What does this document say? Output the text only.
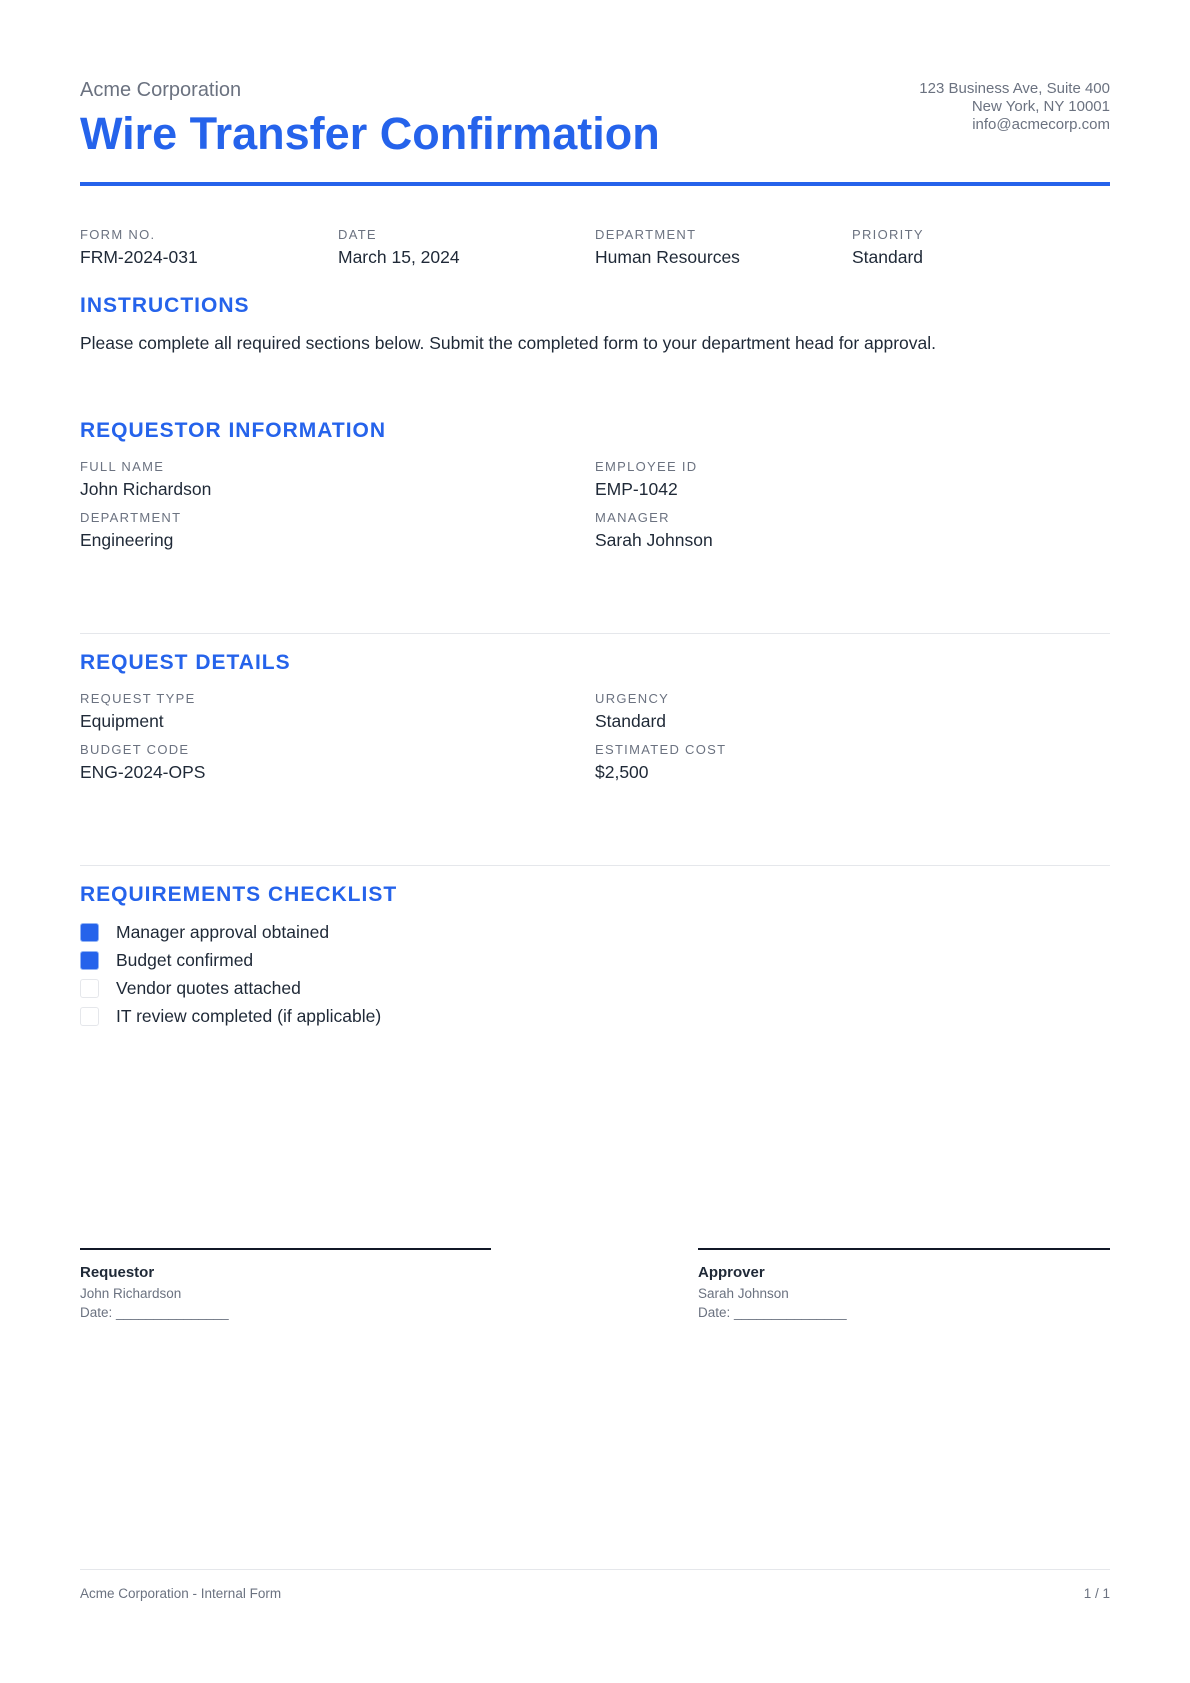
Acme Corporation
Wire Transfer Confirmation
123 Business Ave, Suite 400
New York, NY 10001
info@acmecorp.com
FORM NO.
FRM-2024-031
DATE
March 15, 2024
DEPARTMENT
Human Resources
PRIORITY
Standard
INSTRUCTIONS
Please complete all required sections below. Submit the completed form to your department head for approval.
REQUESTOR INFORMATION
FULL NAME
John Richardson
EMPLOYEE ID
EMP-1042
DEPARTMENT
Engineering
MANAGER
Sarah Johnson
REQUEST DETAILS
REQUEST TYPE
Equipment
URGENCY
Standard
BUDGET CODE
ENG-2024-OPS
ESTIMATED COST
$2,500
REQUIREMENTS CHECKLIST
Manager approval obtained
Budget confirmed
Vendor quotes attached
IT review completed (if applicable)
Requestor
John Richardson
Date: _______________
Approver
Sarah Johnson
Date: _______________
Acme Corporation - Internal Form	1 / 1
